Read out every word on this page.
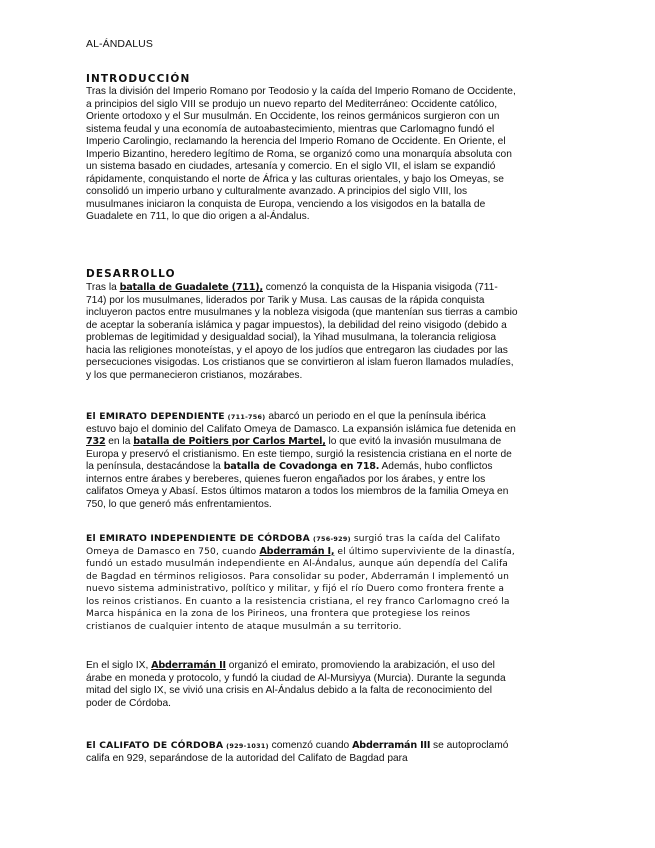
AL-ÁNDALUS
INTRODUCCIÓN

Tras la división del Imperio Romano por Teodosio y la caída del Imperio Romano de Occidente, a principios del siglo VIII se produjo un nuevo reparto del Mediterráneo: Occidente católico, Oriente ortodoxo y el Sur musulmán. En Occidente, los reinos germánicos surgieron con un sistema feudal y una economía de autoabastecimiento, mientras que Carlomagno fundó el Imperio Carolingio, reclamando la herencia del Imperio Romano de Occidente. En Oriente, el Imperio Bizantino, heredero legítimo de Roma, se organizó como una monarquía absoluta con un sistema basado en ciudades, artesanía y comercio. En el siglo VII, el islam se expandió rápidamente, conquistando el norte de África y las culturas orientales, y bajo los Omeyas, se consolidó un imperio urbano y culturalmente avanzado. A principios del siglo VIII, los musulmanes iniciaron la conquista de Europa, venciendo a los visigodos en la batalla de Guadalete en 711, lo que dio origen a al-Ándalus.

DESARROLLO

Tras la batalla de Guadalete (711), comenzó la conquista de la Hispania visigoda (711-714) por los musulmanes, liderados por Tarik y Musa. Las causas de la rápida conquista incluyeron pactos entre musulmanes y la nobleza visigoda (que mantenían sus tierras a cambio de aceptar la soberanía islámica y pagar impuestos), la debilidad del reino visigodo (debido a problemas de legitimidad y desigualdad social), la Yihad musulmana, la tolerancia religiosa hacia las religiones monoteístas, y el apoyo de los judíos que entregaron las ciudades por las persecuciones visigodas. Los cristianos que se convirtieron al islam fueron llamados muladíes, y los que permanecieron cristianos, mozárabes.

El EMIRATO DEPENDIENTE (711-756) abarcó un periodo en el que la península ibérica estuvo bajo el dominio del Califato Omeya de Damasco. La expansión islámica fue detenida en 732 en la batalla de Poitiers por Carlos Martel, lo que evitó la invasión musulmana de Europa y preservó el cristianismo. En este tiempo, surgió la resistencia cristiana en el norte de la península, destacándose la batalla de Covadonga en 718. Además, hubo conflictos internos entre árabes y bereberes, quienes fueron engañados por los árabes, y entre los califatos Omeya y Abasí. Estos últimos mataron a todos los miembros de la familia Omeya en 750, lo que generó más enfrentamientos.

El EMIRATO INDEPENDIENTE DE CÓRDOBA (756-929) surgió tras la caída del Califato Omeya de Damasco en 750, cuando Abderramán I, el último superviviente de la dinastía, fundó un estado musulmán independiente en Al-Ándalus, aunque aún dependía del Califa de Bagdad en términos religiosos. Para consolidar su poder, Abderramán I implementó un nuevo sistema administrativo, político y militar, y fijó el río Duero como frontera frente a los reinos cristianos. En cuanto a la resistencia cristiana, el rey franco Carlomagno creó la Marca hispánica en la zona de los Pirineos, una frontera que protegiese los reinos cristianos de cualquier intento de ataque musulmán a su territorio.

En el siglo IX, Abderramán II organizó el emirato, promoviendo la arabización, el uso del árabe en moneda y protocolo, y fundó la ciudad de Al-Mursiyya (Murcia). Durante la segunda mitad del siglo IX, se vivió una crisis en Al-Ándalus debido a la falta de reconocimiento del poder de Córdoba.

El CALIFATO DE CÓRDOBA (929-1031) comenzó cuando Abderramán III se autoproclamó califa en 929, separándose de la autoridad del Califato de Bagdad para
